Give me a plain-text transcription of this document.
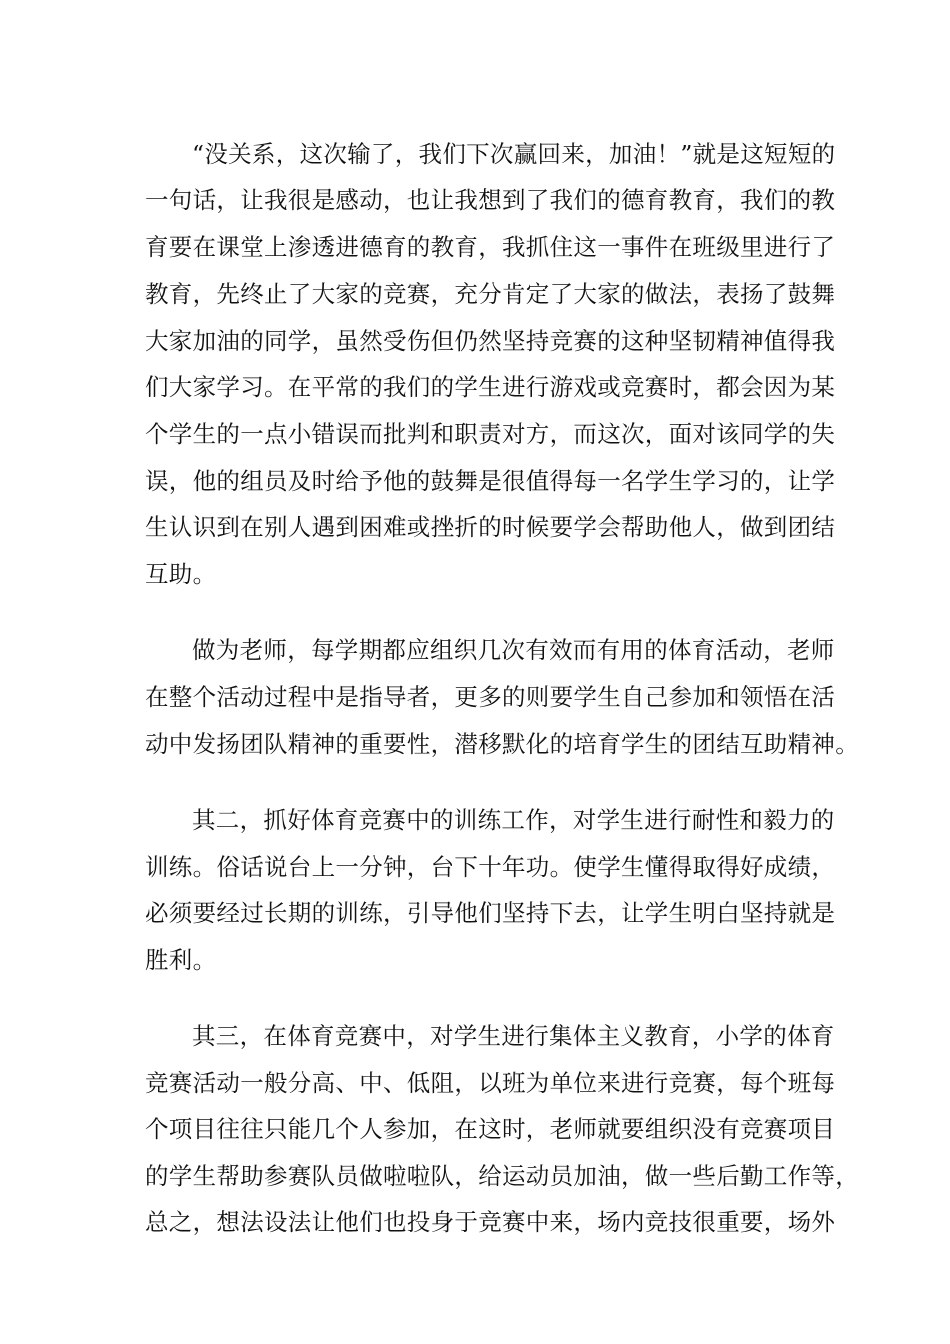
“没关系，这次输了，我们下次赢回来，加油！”就是这短短的
一句话，让我很是感动，也让我想到了我们的德育教育，我们的教
育要在课堂上渗透进德育的教育，我抓住这一事件在班级里进行了
教育，先终止了大家的竞赛，充分肯定了大家的做法，表扬了鼓舞
大家加油的同学，虽然受伤但仍然坚持竞赛的这种坚韧精神值得我
们大家学习。在平常的我们的学生进行游戏或竞赛时，都会因为某
个学生的一点小错误而批判和职责对方，而这次，面对该同学的失
误，他的组员及时给予他的鼓舞是很值得每一名学生学习的，让学
生认识到在别人遇到困难或挫折的时候要学会帮助他人，做到团结
互助。
做为老师，每学期都应组织几次有效而有用的体育活动，老师
在整个活动过程中是指导者，更多的则要学生自己参加和领悟在活
动中发扬团队精神的重要性，潜移默化的培育学生的团结互助精神。
其二，抓好体育竞赛中的训练工作，对学生进行耐性和毅力的
训练。俗话说台上一分钟，台下十年功。使学生懂得取得好成绩，
必须要经过长期的训练，引导他们坚持下去，让学生明白坚持就是
胜利。
其三，在体育竞赛中，对学生进行集体主义教育，小学的体育
竞赛活动一般分高、中、低阻，以班为单位来进行竞赛，每个班每
个项目往往只能几个人参加，在这时，老师就要组织没有竞赛项目
的学生帮助参赛队员做啦啦队，给运动员加油，做一些后勤工作等，
总之，想法设法让他们也投身于竞赛中来，场内竞技很重要，场外
